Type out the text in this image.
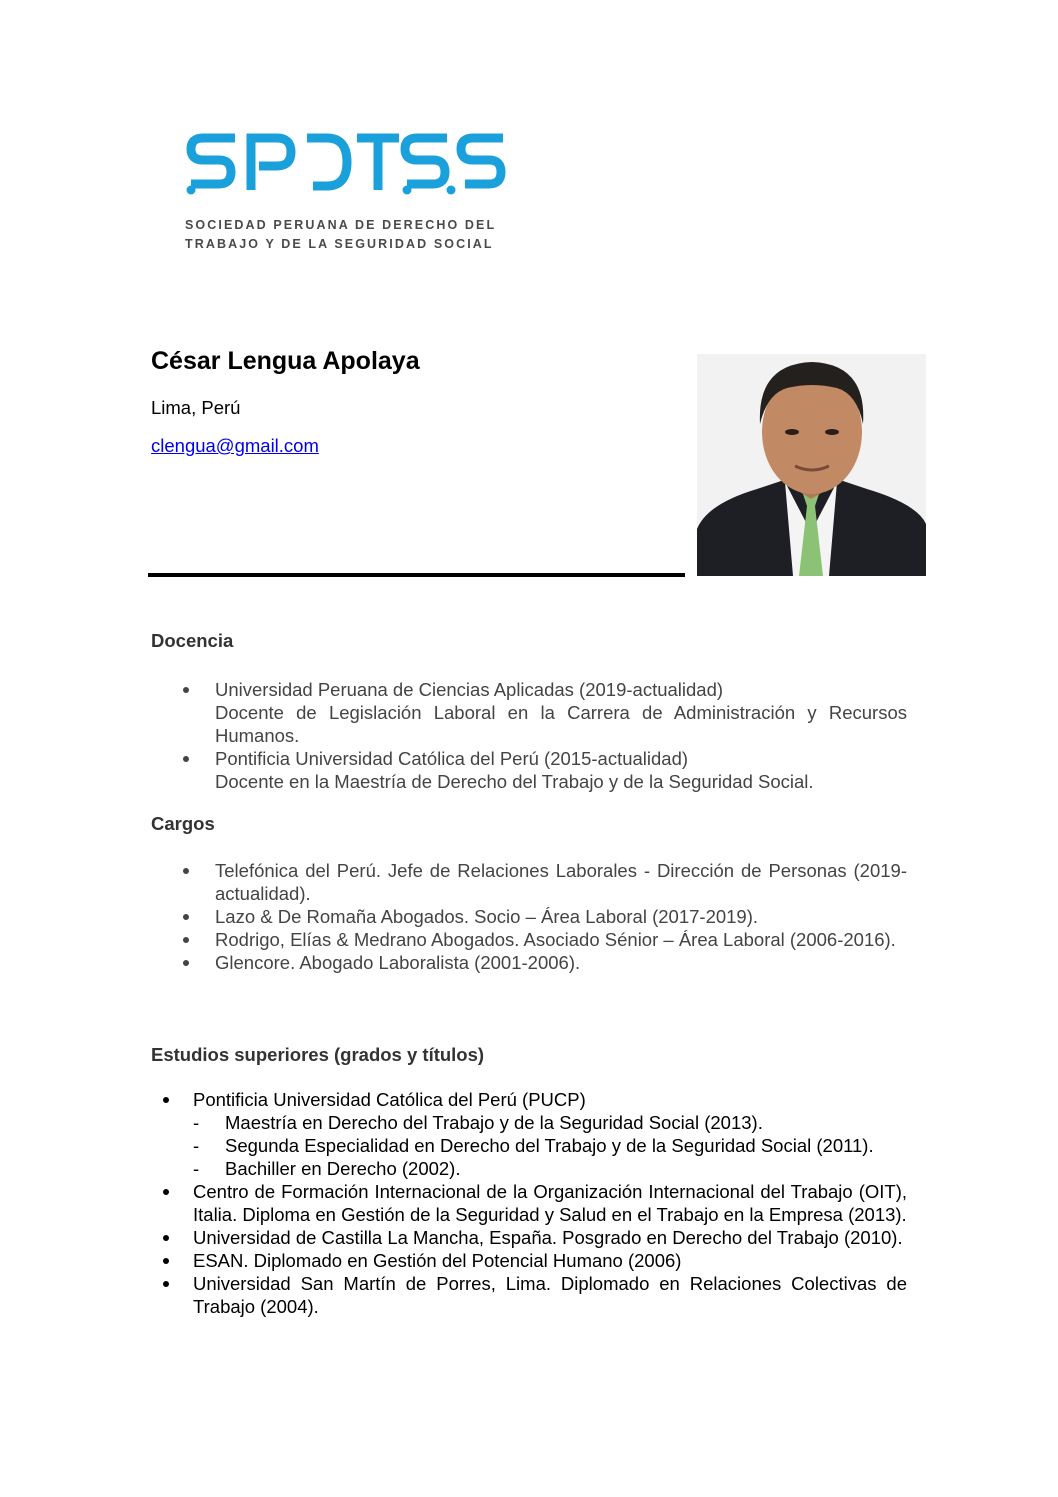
SOCIEDAD PERUANA DE DERECHO DEL
TRABAJO Y DE LA SEGURIDAD SOCIAL
César Lengua Apolaya
Lima, Perú
clengua@gmail.com
Docencia
Universidad Peruana de Ciencias Aplicadas (2019-actualidad)
Docente de Legislación Laboral en la Carrera de Administración y Recursos Humanos.
Pontificia Universidad Católica del Perú (2015-actualidad)
Docente en la Maestría de Derecho del Trabajo y de la Seguridad Social.
Cargos
Telefónica del Perú. Jefe de Relaciones Laborales - Dirección de Personas (2019-actualidad).
Lazo & De Romaña Abogados. Socio – Área Laboral (2017-2019).
Rodrigo, Elías & Medrano Abogados. Asociado Sénior – Área Laboral (2006-2016).
Glencore. Abogado Laboralista (2001-2006).
Estudios superiores (grados y títulos)
Pontificia Universidad Católica del Perú (PUCP)
- Maestría en Derecho del Trabajo y de la Seguridad Social (2013).
- Segunda Especialidad en Derecho del Trabajo y de la Seguridad Social (2011).
- Bachiller en Derecho (2002).
Centro de Formación Internacional de la Organización Internacional del Trabajo (OIT), Italia. Diploma en Gestión de la Seguridad y Salud en el Trabajo en la Empresa (2013).
Universidad de Castilla La Mancha, España. Posgrado en Derecho del Trabajo (2010).
ESAN. Diplomado en Gestión del Potencial Humano (2006)
Universidad San Martín de Porres, Lima. Diplomado en Relaciones Colectivas de Trabajo (2004).
